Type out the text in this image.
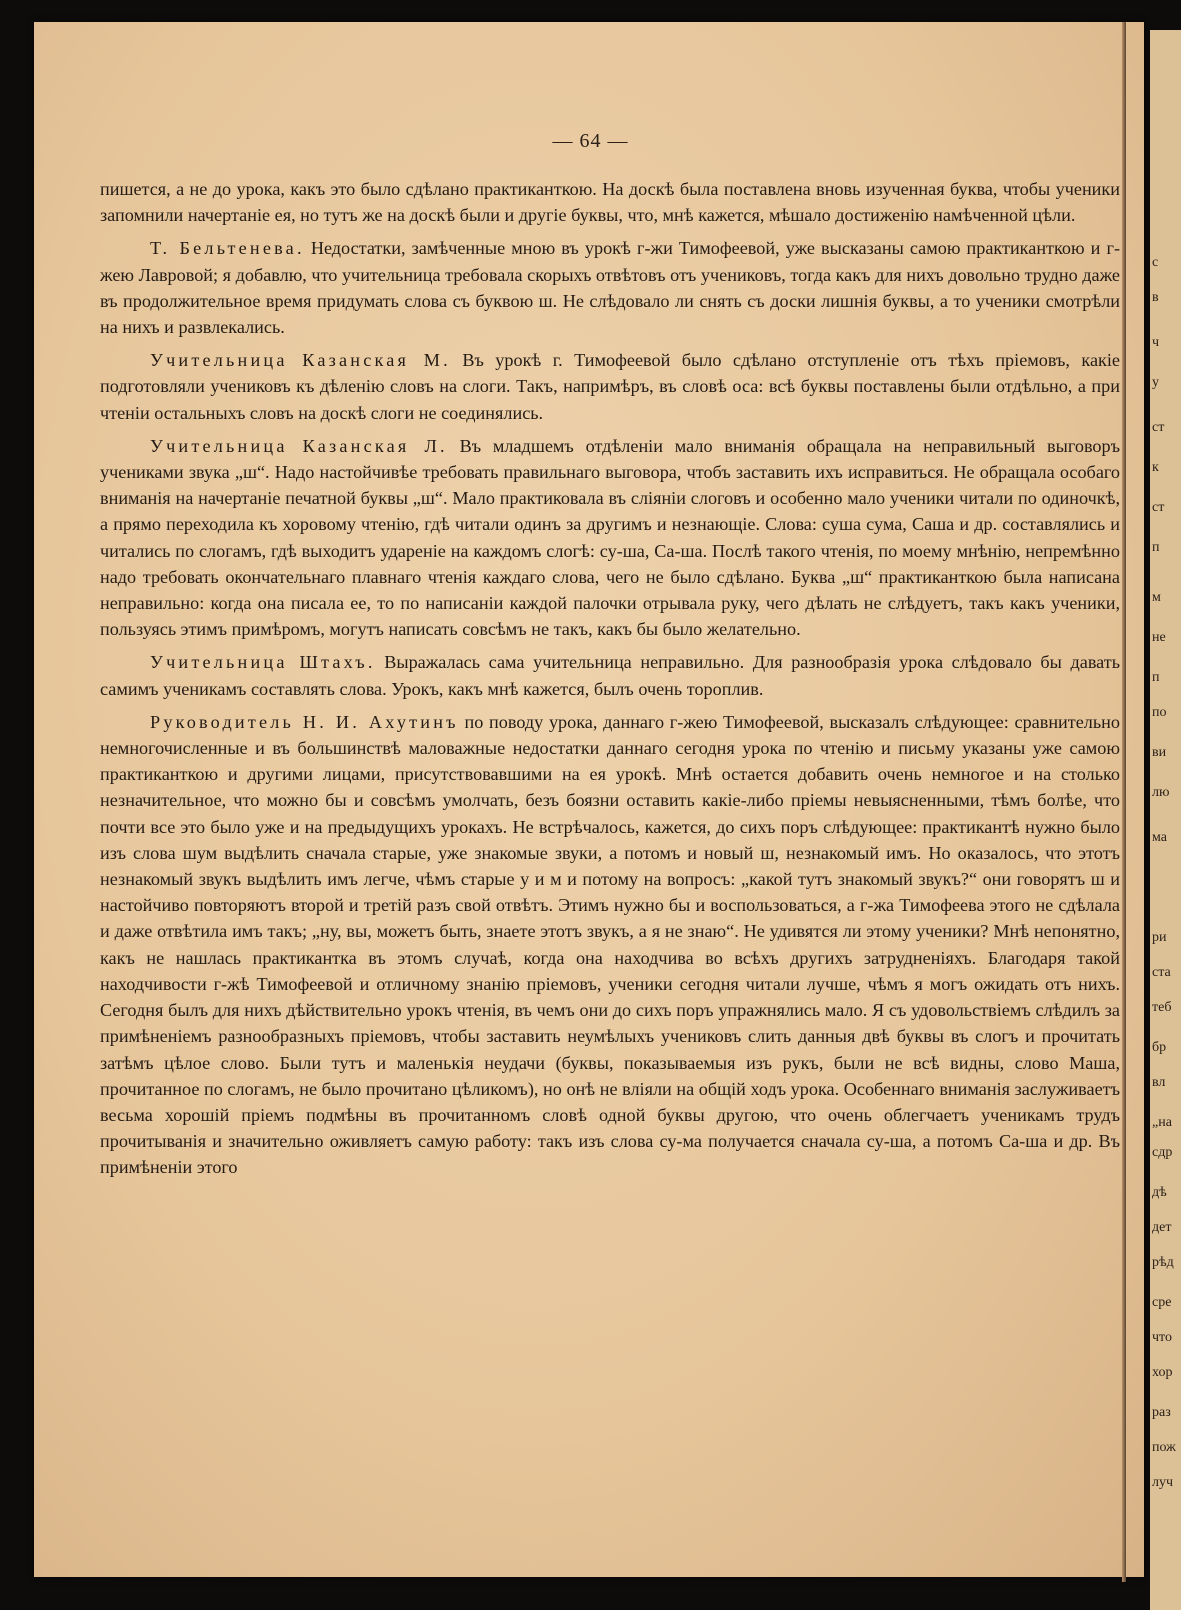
с
в
ч
у
ст
к
ст
п
м
не
п
по
ви
лю
ма
ри
ста
теб
бр
вл
„на
сдр
дѣ
дет
рѣд
сре
что
хор
раз
пож
луч
— 64 —

пишется, а не до урока, какъ это было сдѣлано практиканткою. На доскѣ была поставлена вновь изученная буква, чтобы ученики запомнили начертаніе ея, но тутъ же на доскѣ были и другіе буквы, что, мнѣ кажется, мѣшало достиженію намѣченной цѣли.

Т. Бельтенева. Недостатки, замѣченные мною въ урокѣ г-жи Тимофеевой, уже высказаны самою практиканткою и г-жею Лавровой; я добавлю, что учительница требовала скорыхъ отвѣтовъ отъ учениковъ, тогда какъ для нихъ довольно трудно даже въ продолжительное время придумать слова съ буквою ш. Не слѣдовало ли снять съ доски лишнія буквы, а то ученики смотрѣли на нихъ и развлекались.

Учительница Казанская М. Въ урокѣ г. Тимофеевой было сдѣлано отступленіе отъ тѣхъ пріемовъ, какіе подготовляли учениковъ къ дѣленію словъ на слоги. Такъ, напримѣръ, въ словѣ оса: всѣ буквы поставлены были отдѣльно, а при чтеніи остальныхъ словъ на доскѣ слоги не соединялись.

Учительница Казанская Л. Въ младшемъ отдѣленіи мало вниманія обращала на неправильный выговоръ учениками звука „ш“. Надо настойчивѣе требовать правильнаго выговора, чтобъ заставить ихъ исправиться. Не обращала особаго вниманія на начертаніе печатной буквы „ш“. Мало практиковала въ сліяніи слоговъ и особенно мало ученики читали по одиночкѣ, а прямо переходила къ хоровому чтенію, гдѣ читали одинъ за другимъ и незнающіе. Слова: суша сума, Саша и др. составлялись и читались по слогамъ, гдѣ выходитъ удареніе на каждомъ слогѣ: су-ша, Са-ша. Послѣ такого чтенія, по моему мнѣнію, непремѣнно надо требовать окончательнаго плавнаго чтенія каждаго слова, чего не было сдѣлано. Буква „ш“ практиканткою была написана неправильно: когда она писала ее, то по написаніи каждой палочки отрывала руку, чего дѣлать не слѣдуетъ, такъ какъ ученики, пользуясь этимъ примѣромъ, могутъ написать совсѣмъ не такъ, какъ бы было желательно.

Учительница Штахъ. Выражалась сама учительница неправильно. Для разнообразія урока слѣдовало бы давать самимъ ученикамъ составлять слова. Урокъ, какъ мнѣ кажется, былъ очень тороплив.

Руководитель Н. И. Ахутинъ по поводу урока, даннаго г-жею Тимофеевой, высказалъ слѣдующее: сравнительно немногочисленные и въ большинствѣ маловажные недостатки даннаго сегодня урока по чтенію и письму указаны уже самою практиканткою и другими лицами, присутствовавшими на ея урокѣ. Мнѣ остается добавить очень немногое и на столько незначительное, что можно бы и совсѣмъ умолчать, безъ боязни оставить какіе-либо пріемы невыясненными, тѣмъ болѣе, что почти все это было уже и на предыдущихъ урокахъ. Не встрѣчалось, кажется, до сихъ поръ слѣдующее: практикантѣ нужно было изъ слова шум выдѣлить сначала старые, уже знакомые звуки, а потомъ и новый ш, незнакомый имъ. Но оказалось, что этотъ незнакомый звукъ выдѣлить имъ легче, чѣмъ старые у и м и потому на вопросъ: „какой тутъ знакомый звукъ?“ они говорятъ ш и настойчиво повторяютъ второй и третій разъ свой отвѣтъ. Этимъ нужно бы и воспользоваться, а г-жа Тимофеева этого не сдѣлала и даже отвѣтила имъ такъ; „ну, вы, можетъ быть, знаете этотъ звукъ, а я не знаю“. Не удивятся ли этому ученики? Мнѣ непонятно, какъ не нашлась практикантка въ этомъ случаѣ, когда она находчива во всѣхъ другихъ затрудненіяхъ. Благодаря такой находчивости г-жѣ Тимофеевой и отличному знанію пріемовъ, ученики сегодня читали лучше, чѣмъ я могъ ожидать отъ нихъ. Сегодня былъ для нихъ дѣйствительно урокъ чтенія, въ чемъ они до сихъ поръ упражнялись мало. Я съ удовольствіемъ слѣдилъ за примѣненіемъ разнообразныхъ пріемовъ, чтобы заставить неумѣлыхъ учениковъ слить данныя двѣ буквы въ слогъ и прочитать затѣмъ цѣлое слово. Были тутъ и маленькія неудачи (буквы, показываемыя изъ рукъ, были не всѣ видны, слово Маша, прочитанное по слогамъ, не было прочитано цѣликомъ), но онѣ не вліяли на общій ходъ урока. Особеннаго вниманія заслуживаетъ весьма хорошій пріемъ подмѣны въ прочитанномъ словѣ одной буквы другою, что очень облегчаетъ ученикамъ трудъ прочитыванія и значительно оживляетъ самую работу: такъ изъ слова су-ма получается сначала су-ша, а потомъ Са-ша и др. Въ примѣненіи этого
